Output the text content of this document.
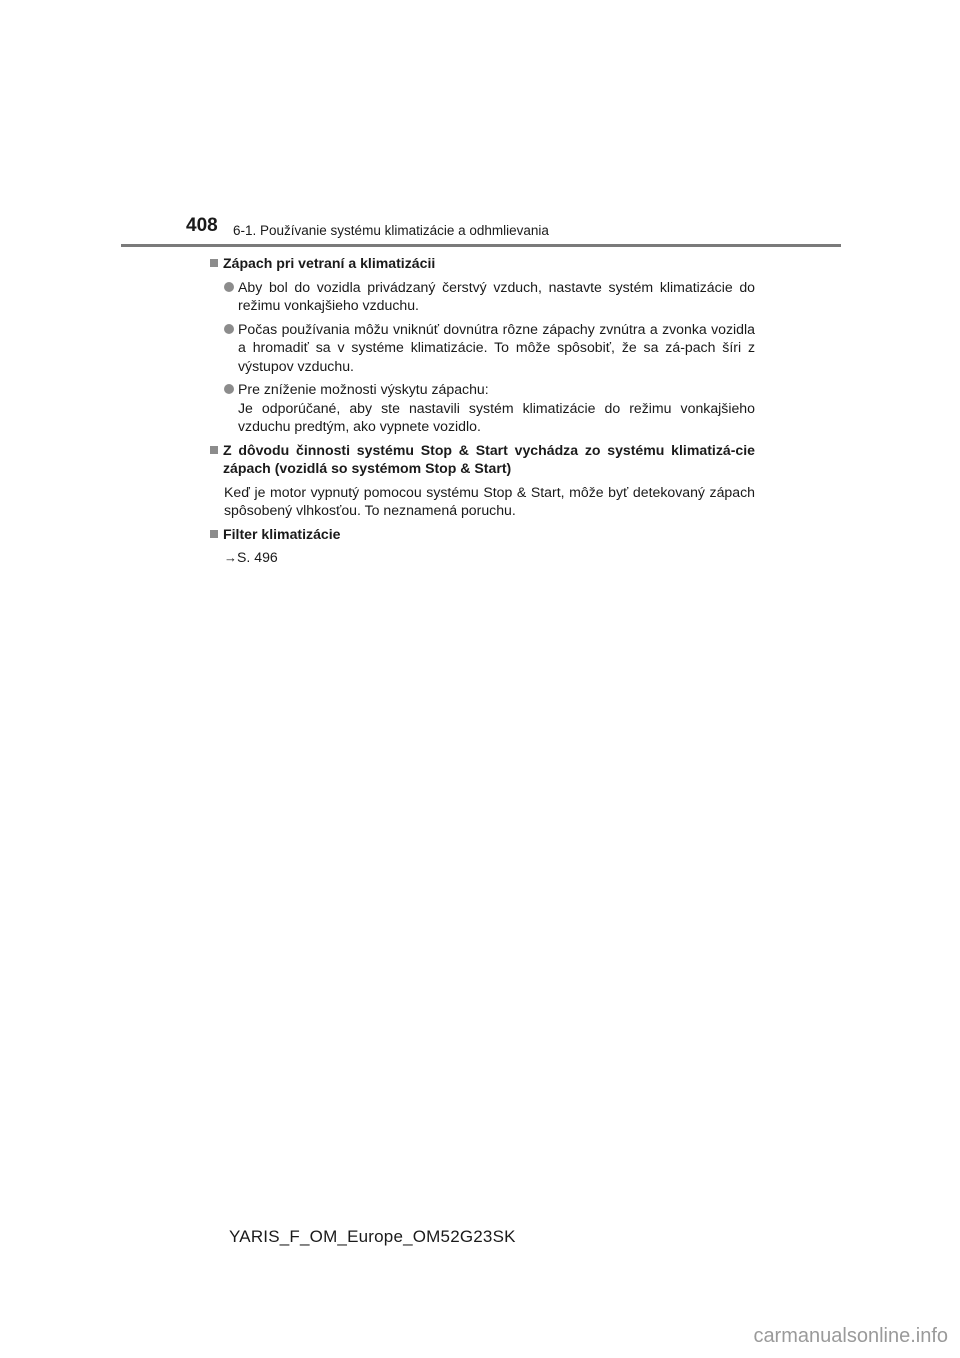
408 6-1. Používanie systému klimatizácie a odhmlievania
Zápach pri vetraní a klimatizácii
Aby bol do vozidla privádzaný čerstvý vzduch, nastavte systém klimatizácie do režimu vonkajšieho vzduchu.
Počas používania môžu vniknúť dovnútra rôzne zápachy zvnútra a zvonka vozidla a hromadiť sa v systéme klimatizácie. To môže spôsobiť, že sa zá-pach šíri z výstupov vzduchu.
Pre zníženie možnosti výskytu zápachu:
Je odporúčané, aby ste nastavili systém klimatizácie do režimu vonkajšieho vzduchu predtým, ako vypnete vozidlo.
Z dôvodu činnosti systému Stop & Start vychádza zo systému klimatizá-cie zápach (vozidlá so systémom Stop & Start)
Keď je motor vypnutý pomocou systému Stop & Start, môže byť detekovaný zápach spôsobený vlhkosťou. To neznamená poruchu.
Filter klimatizácie
→S. 496
YARIS_F_OM_Europe_OM52G23SK
carmanualsonline.info
